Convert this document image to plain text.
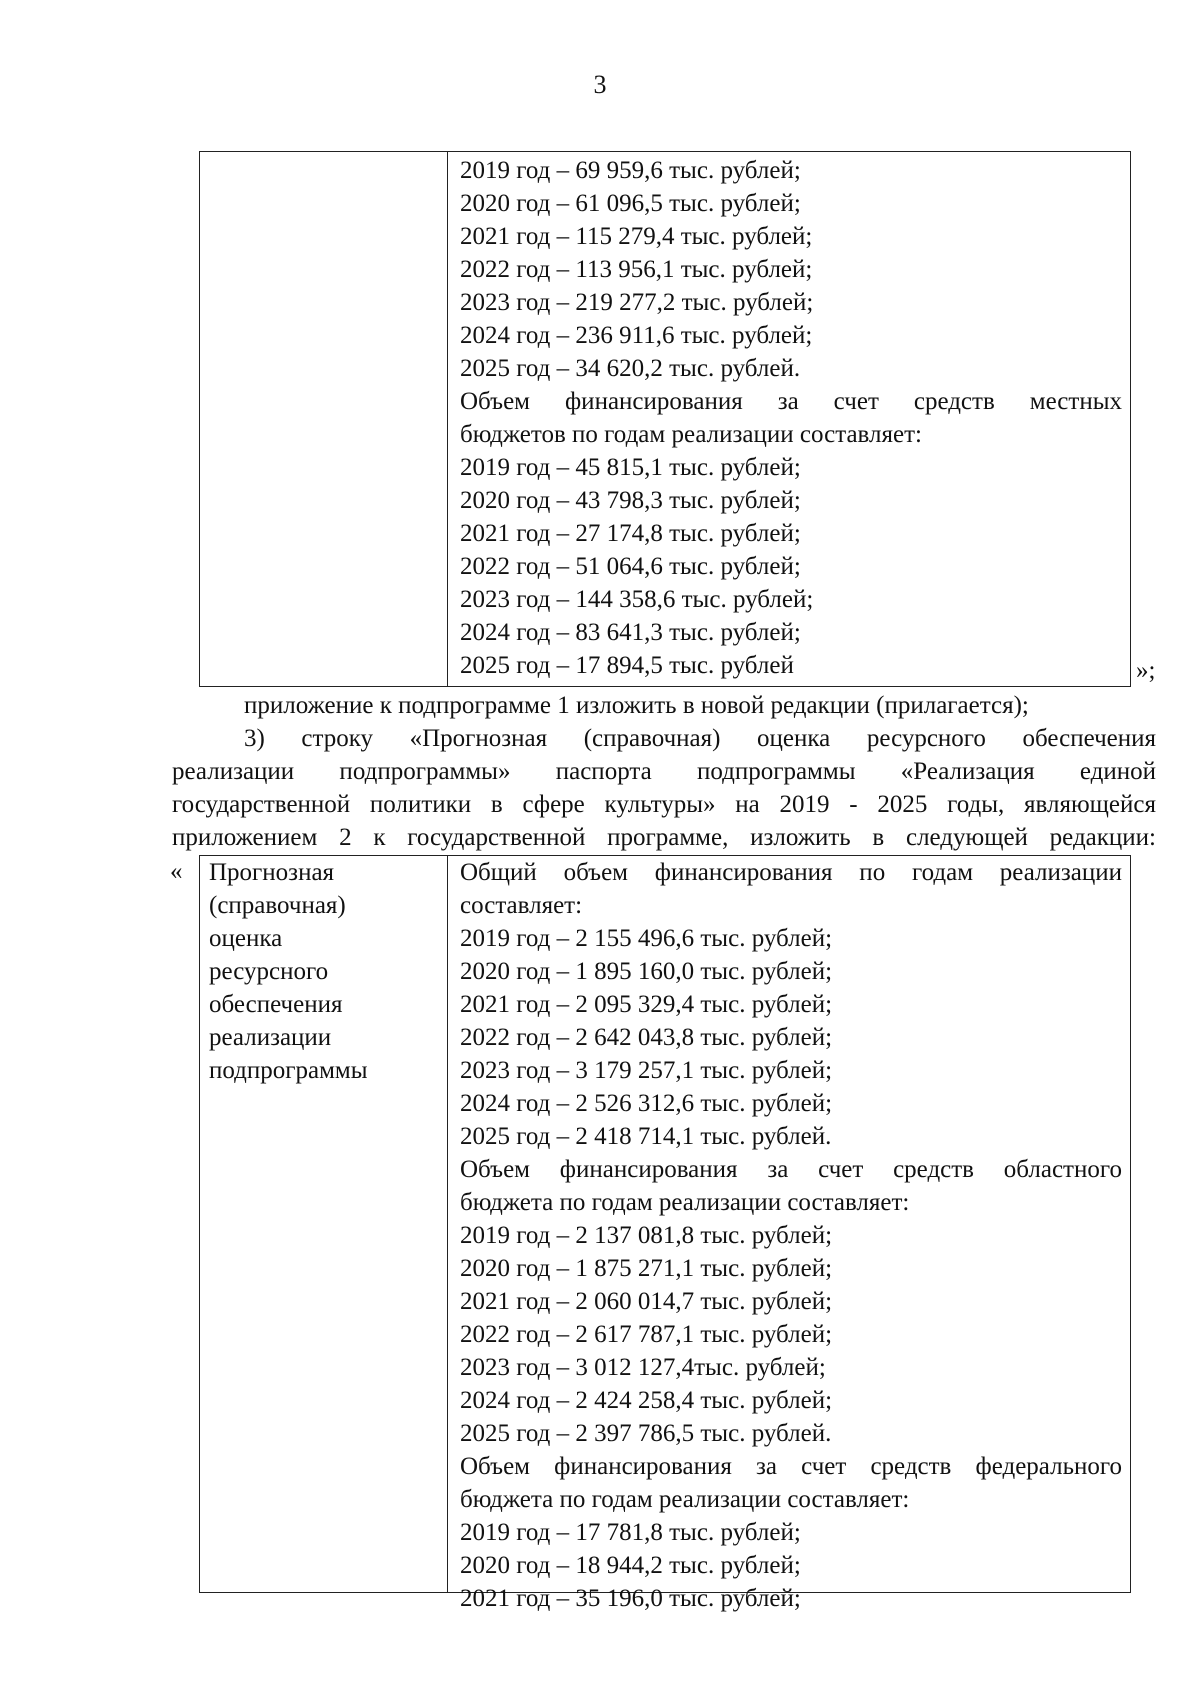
3
2019 год – 69 959,6 тыс. рублей;
2020 год – 61 096,5 тыс. рублей;
2021 год – 115 279,4 тыс. рублей;
2022 год – 113 956,1 тыс. рублей;
2023 год – 219 277,2 тыс. рублей;
2024 год – 236 911,6 тыс. рублей;
2025 год – 34 620,2 тыс. рублей.
Объем финансирования за счет средств местных
бюджетов по годам реализации составляет:
2019 год – 45 815,1 тыс. рублей;
2020 год – 43 798,3 тыс. рублей;
2021 год – 27 174,8 тыс. рублей;
2022 год – 51 064,6 тыс. рублей;
2023 год – 144 358,6 тыс. рублей;
2024 год – 83 641,3 тыс. рублей;
2025 год – 17 894,5 тыс. рублей	»;
приложение к подпрограмме 1 изложить в новой редакции (прилагается);
3) строку «Прогнозная (справочная) оценка ресурсного обеспечения
реализации подпрограммы» паспорта подпрограммы «Реализация единой
государственной политики в сфере культуры» на 2019 - 2025 годы, являющейся
приложением 2 к государственной программе, изложить в следующей редакции:
« Прогнозная
(справочная)
оценка
ресурсного
обеспечения
реализации
подпрограммы
Общий объем финансирования по годам реализации
составляет:
2019 год – 2 155 496,6 тыс. рублей;
2020 год – 1 895 160,0 тыс. рублей;
2021 год – 2 095 329,4 тыс. рублей;
2022 год – 2 642 043,8 тыс. рублей;
2023 год – 3 179 257,1 тыс. рублей;
2024 год – 2 526 312,6 тыс. рублей;
2025 год – 2 418 714,1 тыс. рублей.
Объем финансирования за счет средств областного
бюджета по годам реализации составляет:
2019 год – 2 137 081,8 тыс. рублей;
2020 год – 1 875 271,1 тыс. рублей;
2021 год – 2 060 014,7 тыс. рублей;
2022 год – 2 617 787,1 тыс. рублей;
2023 год – 3 012 127,4тыс. рублей;
2024 год – 2 424 258,4 тыс. рублей;
2025 год – 2 397 786,5 тыс. рублей.
Объем финансирования за счет средств федерального
бюджета по годам реализации составляет:
2019 год – 17 781,8 тыс. рублей;
2020 год – 18 944,2 тыс. рублей;
2021 год – 35 196,0 тыс. рублей;
